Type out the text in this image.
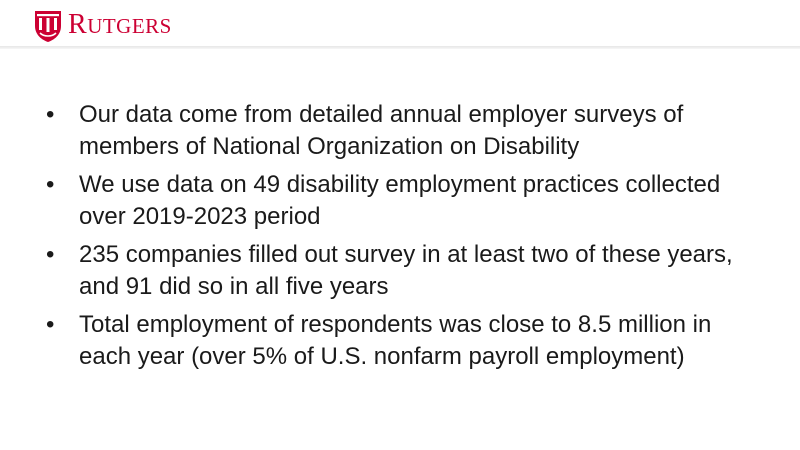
RUTGERS
•	Our data come from detailed annual employer surveys of members of National Organization on Disability
•	We use data on 49 disability employment practices collected over 2019-2023 period
•	235 companies filled out survey in at least two of these years, and 91 did so in all five years
•	Total employment of respondents was close to 8.5 million in each year (over 5% of U.S. nonfarm payroll employment)
